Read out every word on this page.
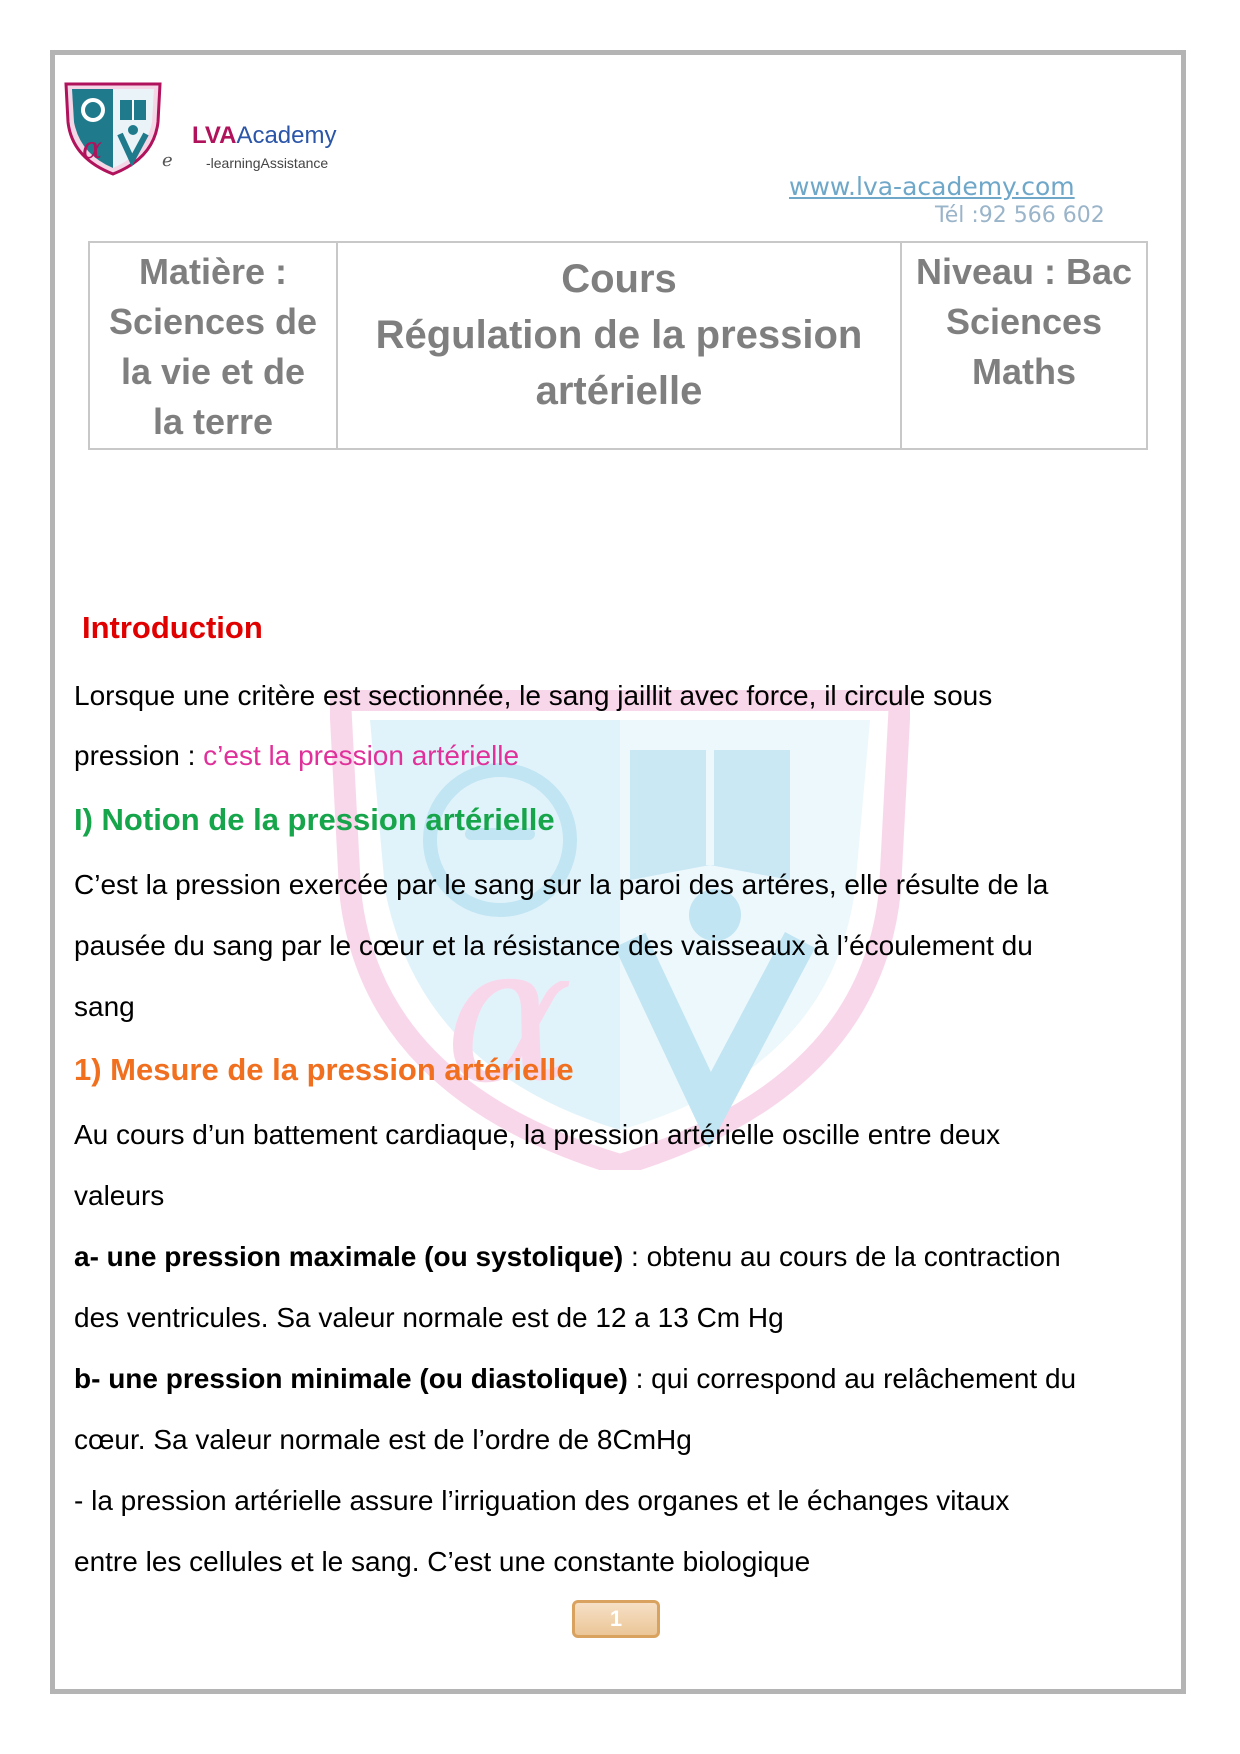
α	LVAAcademy
e -learningAssistance
www.lva-academy.com
Tél :92 566 602
Matière :
Sciences de
la vie et de
la terre

Cours
Régulation de la pression
artérielle

Niveau : Bac
Sciences
Maths
α
Introduction
Lorsque une critère est sectionnée, le sang jaillit avec force, il circule sous
pression : c’est la pression artérielle
I) Notion de la pression artérielle
C’est la pression exercée par le sang sur la paroi des artéres, elle résulte de la
pausée du sang par le cœur et la résistance des vaisseaux à l’écoulement du
sang
1) Mesure de la pression artérielle
Au cours d’un battement cardiaque, la pression artérielle oscille entre deux
valeurs
a- une pression maximale (ou systolique) : obtenu au cours de la contraction
des ventricules. Sa valeur normale est de 12 a 13 Cm Hg
b- une pression minimale (ou diastolique) : qui correspond au relâchement du
cœur. Sa valeur normale est de l’ordre de 8CmHg
- la pression artérielle assure l’irriguation des organes et le échanges vitaux
entre les cellules et le sang. C’est une constante biologique
1
